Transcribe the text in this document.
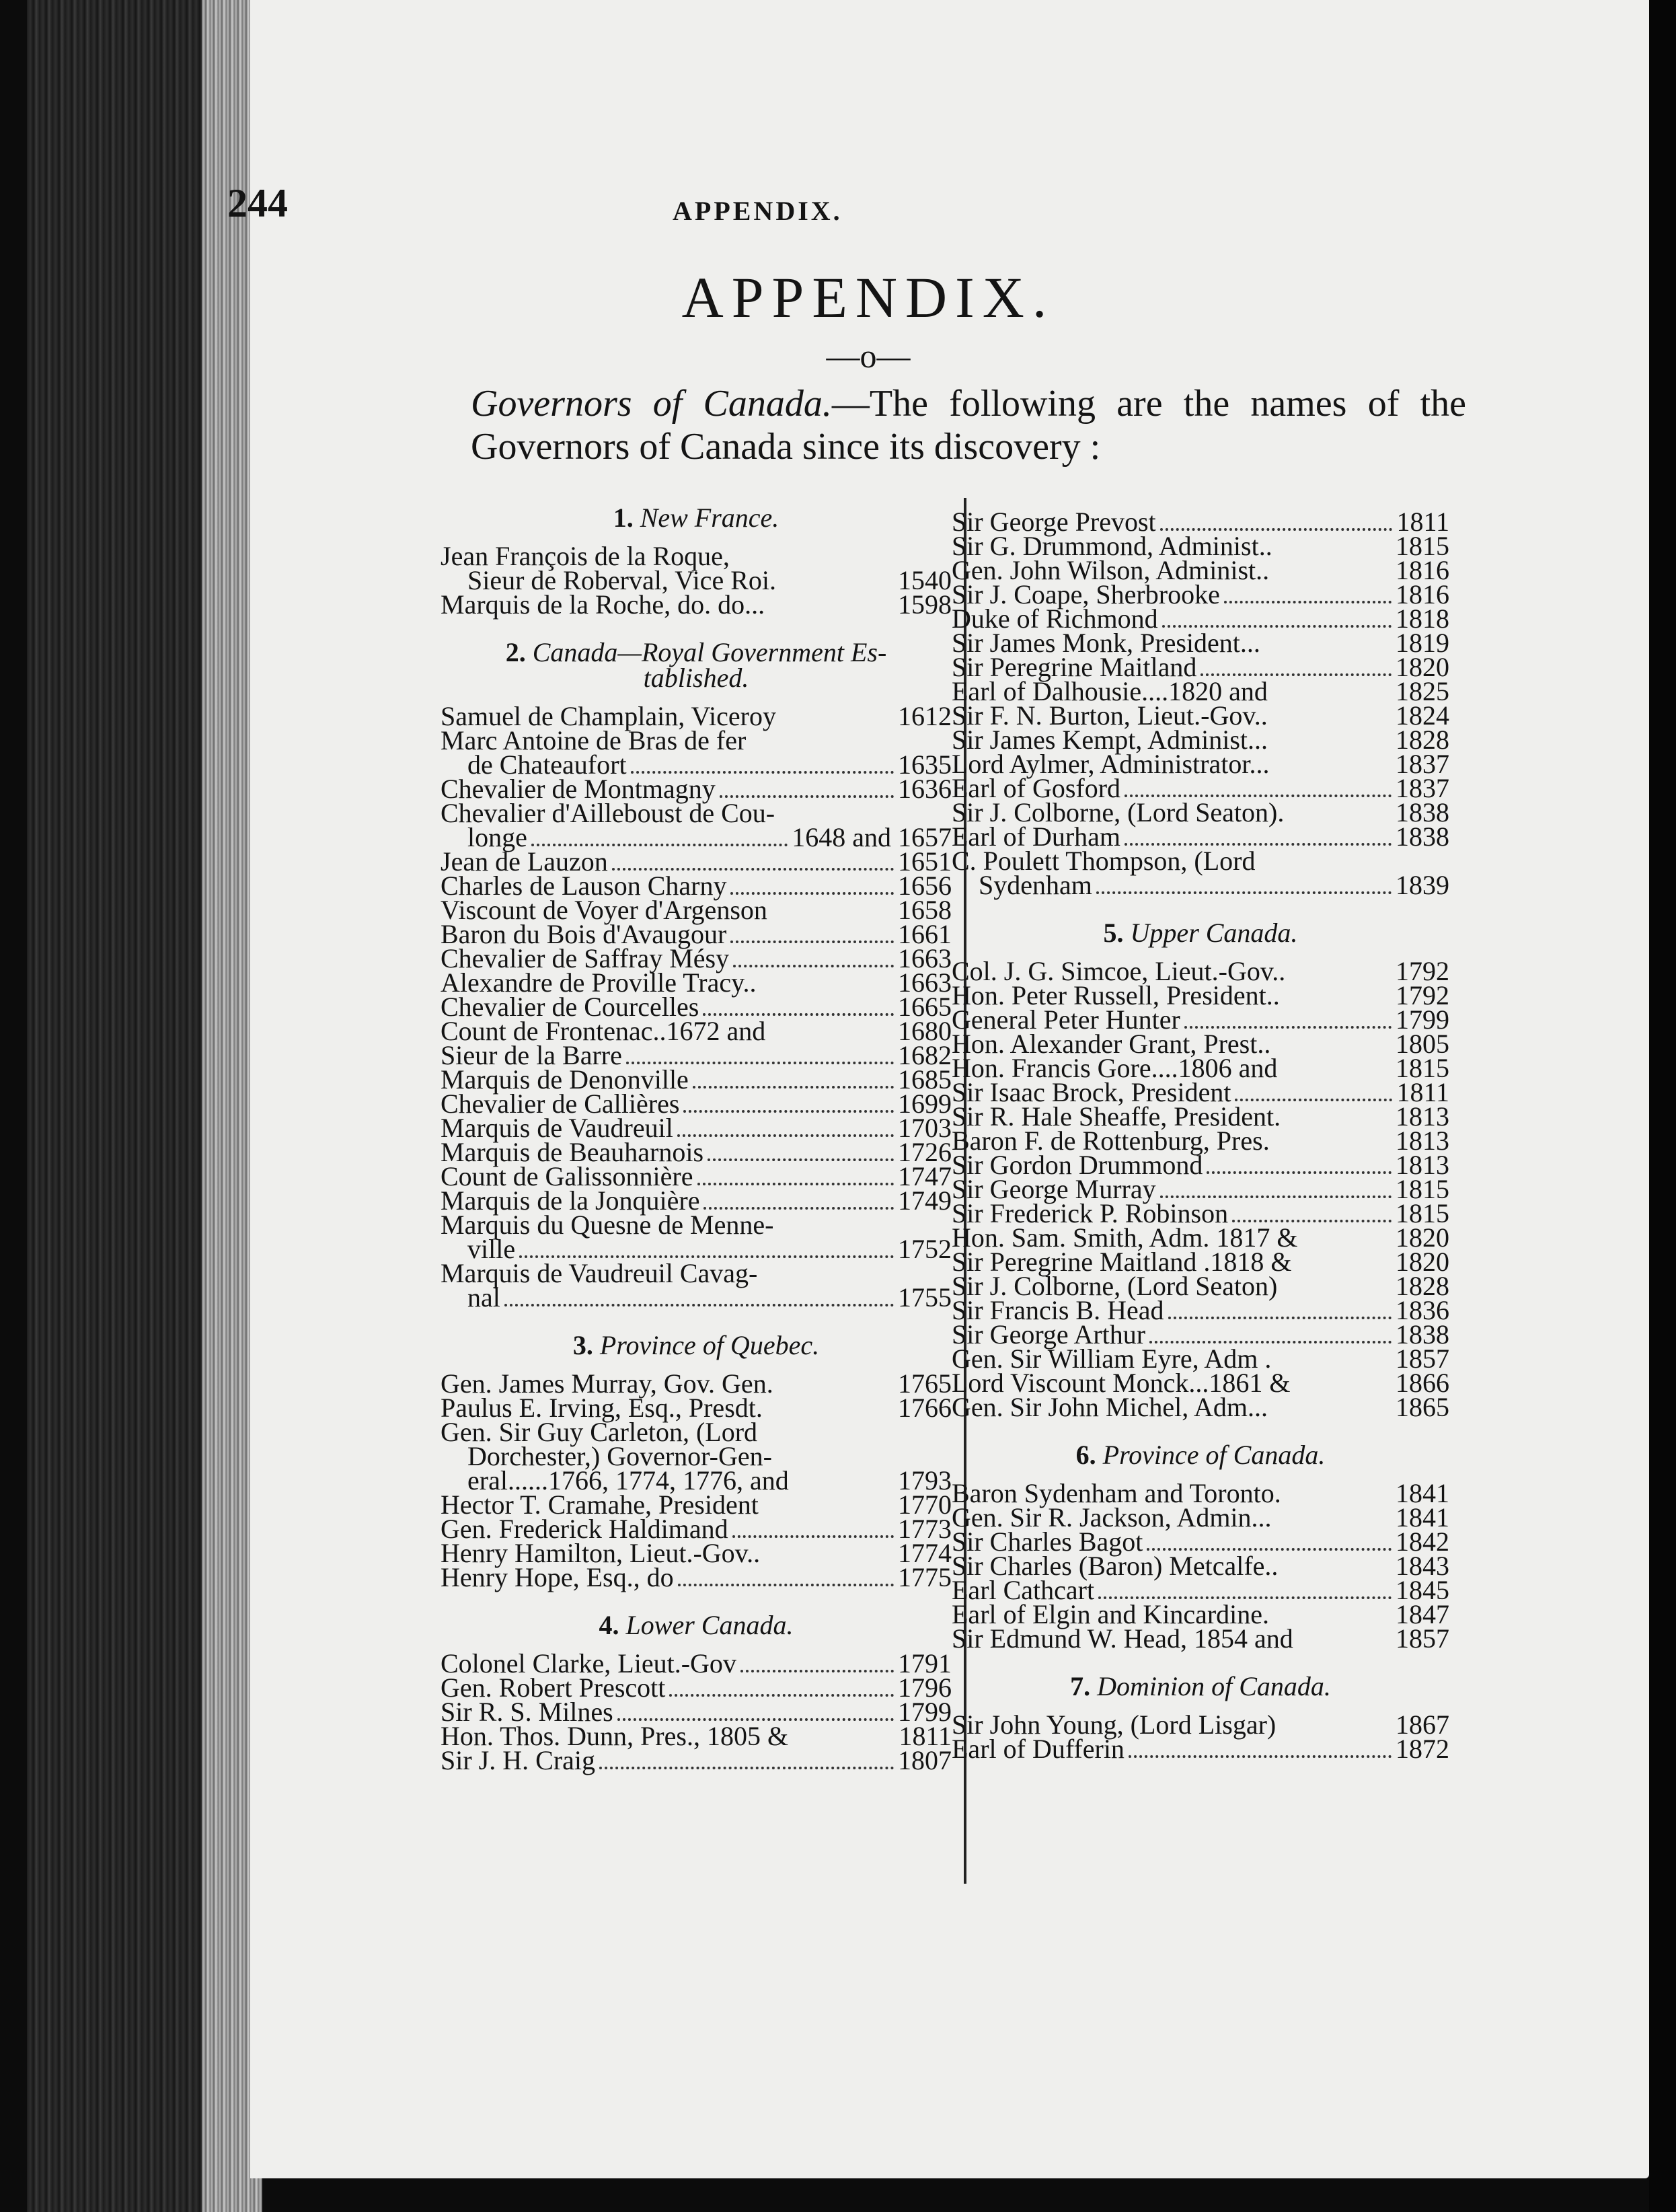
244	APPENDIX.
APPENDIX.
—o—
Governors of Canada.—The following are the names of the Governors of Canada since its discovery :
1. New France.
Jean François de la Roque,
Sieur de Roberval, Vice Roi.	1540
Marquis de la Roche, do. do...	1598
2. Canada—Royal Government Es-
tablished.
Samuel de Champlain, Viceroy	1612
Marc Antoine de Bras de fer
de Chateaufort	1635
Chevalier de Montmagny	1636
Chevalier d'Ailleboust de Cou-
longe	1648 and 1657
Jean de Lauzon	1651
Charles de Lauson Charny	1656
Viscount de Voyer d'Argenson	1658
Baron du Bois d'Avaugour	1661
Chevalier de Saffray Mésy	1663
Alexandre de Proville Tracy..	1663
Chevalier de Courcelles	1665
Count de Frontenac..1672 and	1680
Sieur de la Barre	1682
Marquis de Denonville	1685
Chevalier de Callières	1699
Marquis de Vaudreuil	1703
Marquis de Beauharnois	1726
Count de Galissonnière	1747
Marquis de la Jonquière	1749
Marquis du Quesne de Menne-
ville	1752
Marquis de Vaudreuil Cavag-
nal	1755
3. Province of Quebec.
Gen. James Murray, Gov. Gen.	1765
Paulus E. Irving, Esq., Presdt.	1766
Gen. Sir Guy Carleton, (Lord
Dorchester,) Governor-Gen-
eral......1766, 1774, 1776, and	1793
Hector T. Cramahe, President	1770
Gen. Frederick Haldimand	1773
Henry Hamilton, Lieut.-Gov..	1774
Henry Hope, Esq., do	1775
4. Lower Canada.
Colonel Clarke, Lieut.-Gov	1791
Gen. Robert Prescott	1796
Sir R. S. Milnes	1799
Hon. Thos. Dunn, Pres., 1805 &	1811
Sir J. H. Craig	1807
Sir George Prevost	1811
Sir G. Drummond, Administ..	1815
Gen. John Wilson, Administ..	1816
Sir J. Coape, Sherbrooke	1816
Duke of Richmond	1818
Sir James Monk, President...	1819
Sir Peregrine Maitland	1820
Earl of Dalhousie....1820 and	1825
Sir F. N. Burton, Lieut.-Gov..	1824
Sir James Kempt, Administ...	1828
Lord Aylmer, Administrator...	1837
Earl of Gosford	1837
Sir J. Colborne, (Lord Seaton).	1838
Earl of Durham	1838
C. Poulett Thompson, (Lord
Sydenham	1839
5. Upper Canada.
Col. J. G. Simcoe, Lieut.-Gov..	1792
Hon. Peter Russell, President..	1792
General Peter Hunter	1799
Hon. Alexander Grant, Prest..	1805
Hon. Francis Gore....1806 and	1815
Sir Isaac Brock, President	1811
Sir R. Hale Sheaffe, President.	1813
Baron F. de Rottenburg, Pres.	1813
Sir Gordon Drummond	1813
Sir George Murray	1815
Sir Frederick P. Robinson	1815
Hon. Sam. Smith, Adm. 1817 &	1820
Sir Peregrine Maitland .1818 &	1820
Sir J. Colborne, (Lord Seaton)	1828
Sir Francis B. Head	1836
Sir George Arthur	1838
Gen. Sir William Eyre, Adm .	1857
Lord Viscount Monck...1861 &	1866
Gen. Sir John Michel, Adm...	1865
6. Province of Canada.
Baron Sydenham and Toronto.	1841
Gen. Sir R. Jackson, Admin...	1841
Sir Charles Bagot	1842
Sir Charles (Baron) Metcalfe..	1843
Earl Cathcart	1845
Earl of Elgin and Kincardine.	1847
Sir Edmund W. Head, 1854 and	1857
7. Dominion of Canada.
Sir John Young, (Lord Lisgar)	1867
Earl of Dufferin	1872
